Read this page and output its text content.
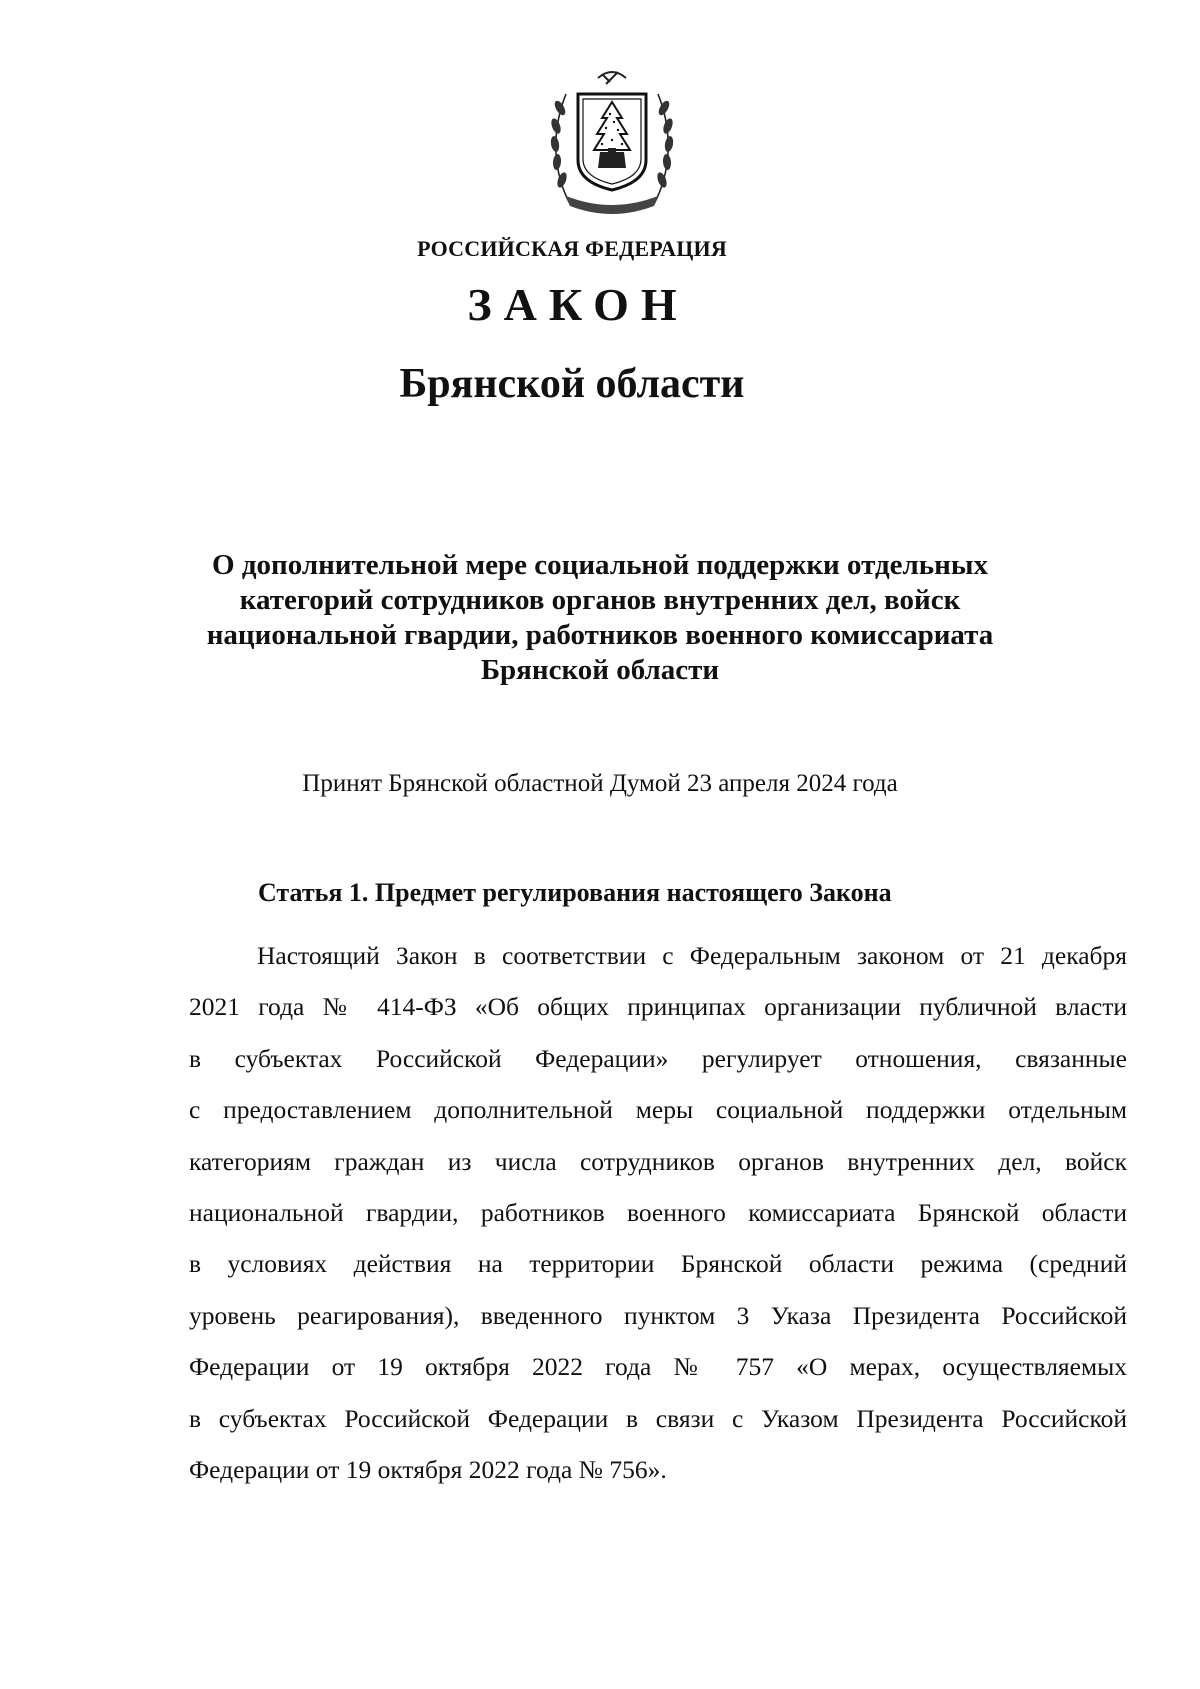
РОССИЙСКАЯ ФЕДЕРАЦИЯ
ЗАКОН
Брянской области
О дополнительной мере социальной поддержки отдельных
категорий сотрудников органов внутренних дел, войск
национальной гвардии, работников военного комиссариата
Брянской области
Принят Брянской областной Думой 23 апреля 2024 года
Статья 1. Предмет регулирования настоящего Закона
Настоящий Закон в соответствии с Федеральным законом от 21 декабря
2021 года № 414-ФЗ «Об общих принципах организации публичной власти
в субъектах Российской Федерации» регулирует отношения, связанные
с предоставлением дополнительной меры социальной поддержки отдельным
категориям граждан из числа сотрудников органов внутренних дел, войск
национальной гвардии, работников военного комиссариата Брянской области
в условиях действия на территории Брянской области режима (средний
уровень реагирования), введенного пунктом 3 Указа Президента Российской
Федерации от 19 октября 2022 года № 757 «О мерах, осуществляемых
в субъектах Российской Федерации в связи с Указом Президента Российской
Федерации от 19 октября 2022 года № 756».
